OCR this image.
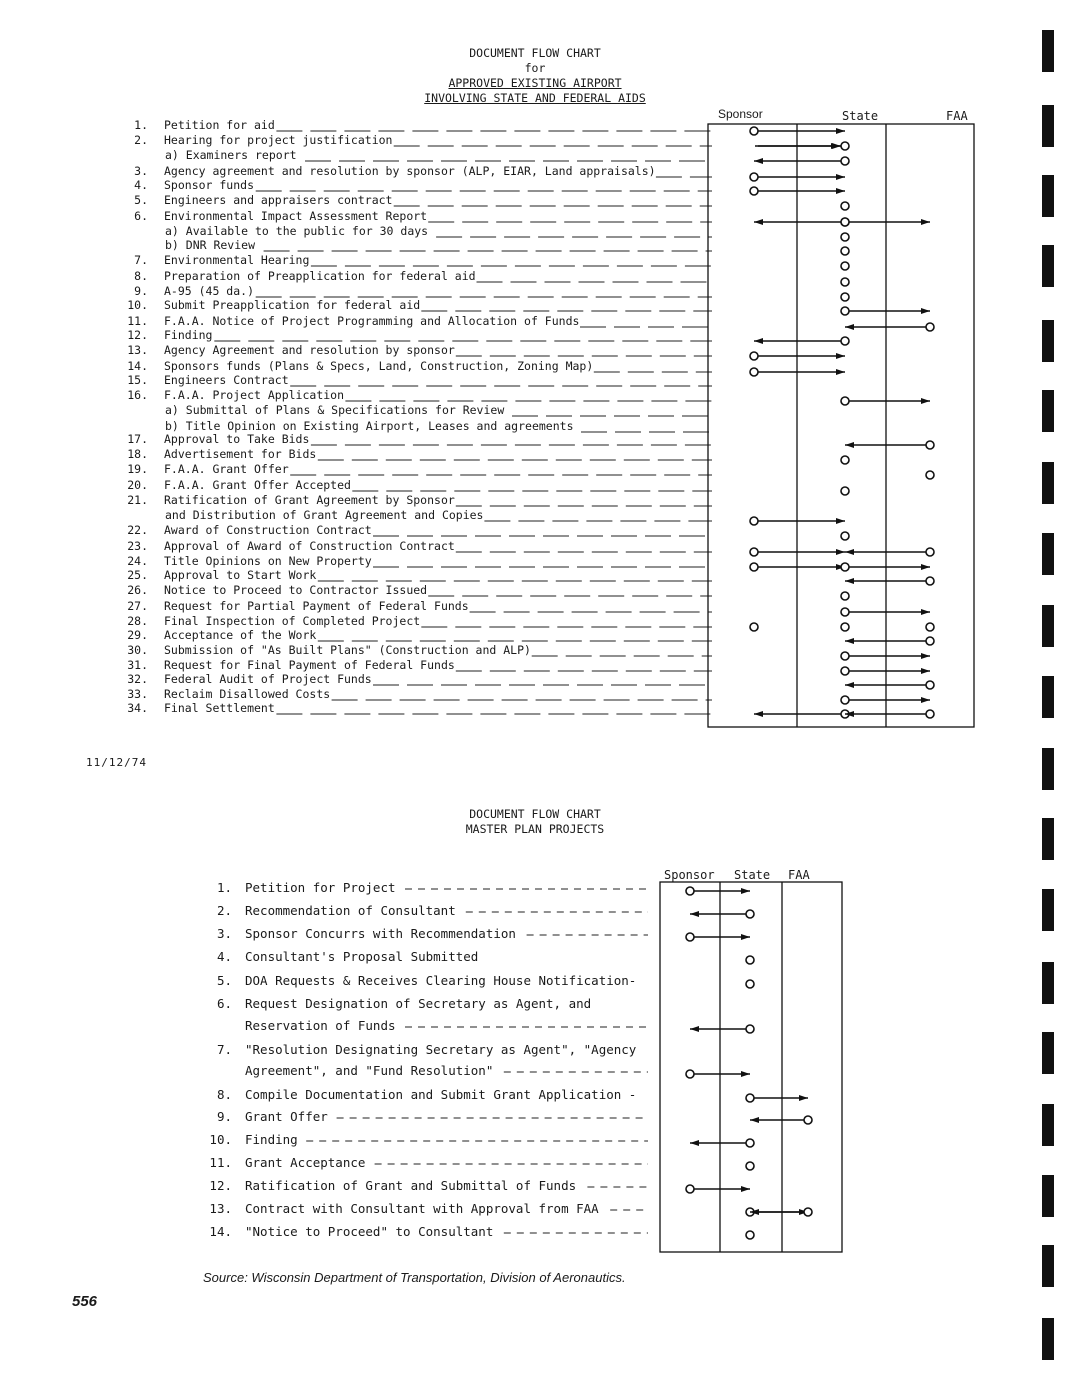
DOCUMENT FLOW CHART
for
APPROVED EXISTING AIRPORT
INVOLVING STATE AND FEDERAL AIDS
Sponsor	State	FAA
1. Petition for aid
2. Hearing for project justification
a) Examiners report
3. Agency agreement and resolution by sponsor (ALP, EIAR, Land appraisals)
4. Sponsor funds
5. Engineers and appraisers contract
6. Environmental Impact Assessment Report
a) Available to the public for 30 days
b) DNR Review
7. Environmental Hearing
8. Preparation of Preapplication for federal aid
9. A-95 (45 da.)
10. Submit Preapplication for federal aid
11. F.A.A. Notice of Project Programming and Allocation of Funds
12. Finding
13. Agency Agreement and resolution by sponsor
14. Sponsors funds (Plans & Specs, Land, Construction, Zoning Map)
15. Engineers Contract
16. F.A.A. Project Application
a) Submittal of Plans & Specifications for Review
b) Title Opinion on Existing Airport, Leases and agreements
17. Approval to Take Bids
18. Advertisement for Bids
19. F.A.A. Grant Offer
20. F.A.A. Grant Offer Accepted
21. Ratification of Grant Agreement by Sponsor
and Distribution of Grant Agreement and Copies
22. Award of Construction Contract
23. Approval of Award of Construction Contract
24. Title Opinions on New Property
25. Approval to Start Work
26. Notice to Proceed to Contractor Issued
27. Request for Partial Payment of Federal Funds
28. Final Inspection of Completed Project
29. Acceptance of the Work
30. Submission of "As Built Plans" (Construction and ALP)
31. Request for Final Payment of Federal Funds
32. Federal Audit of Project Funds
33. Reclaim Disallowed Costs
34. Final Settlement
11/12/74
DOCUMENT FLOW CHART
MASTER PLAN PROJECTS
Sponsor State FAA
1. Petition for Project
2. Recommendation of Consultant
3. Sponsor Concurrs with Recommendation
4. Consultant's Proposal Submitted
5. DOA Requests & Receives Clearing House Notification-
6. Request Designation of Secretary as Agent, and
Reservation of Funds
7. "Resolution Designating Secretary as Agent", "Agency
Agreement", and "Fund Resolution"
8. Compile Documentation and Submit Grant Application -
9. Grant Offer
10. Finding
11. Grant Acceptance
12. Ratification of Grant and Submittal of Funds
13. Contract with Consultant with Approval from FAA
14. "Notice to Proceed" to Consultant
Source: Wisconsin Department of Transportation, Division of Aeronautics.
556
